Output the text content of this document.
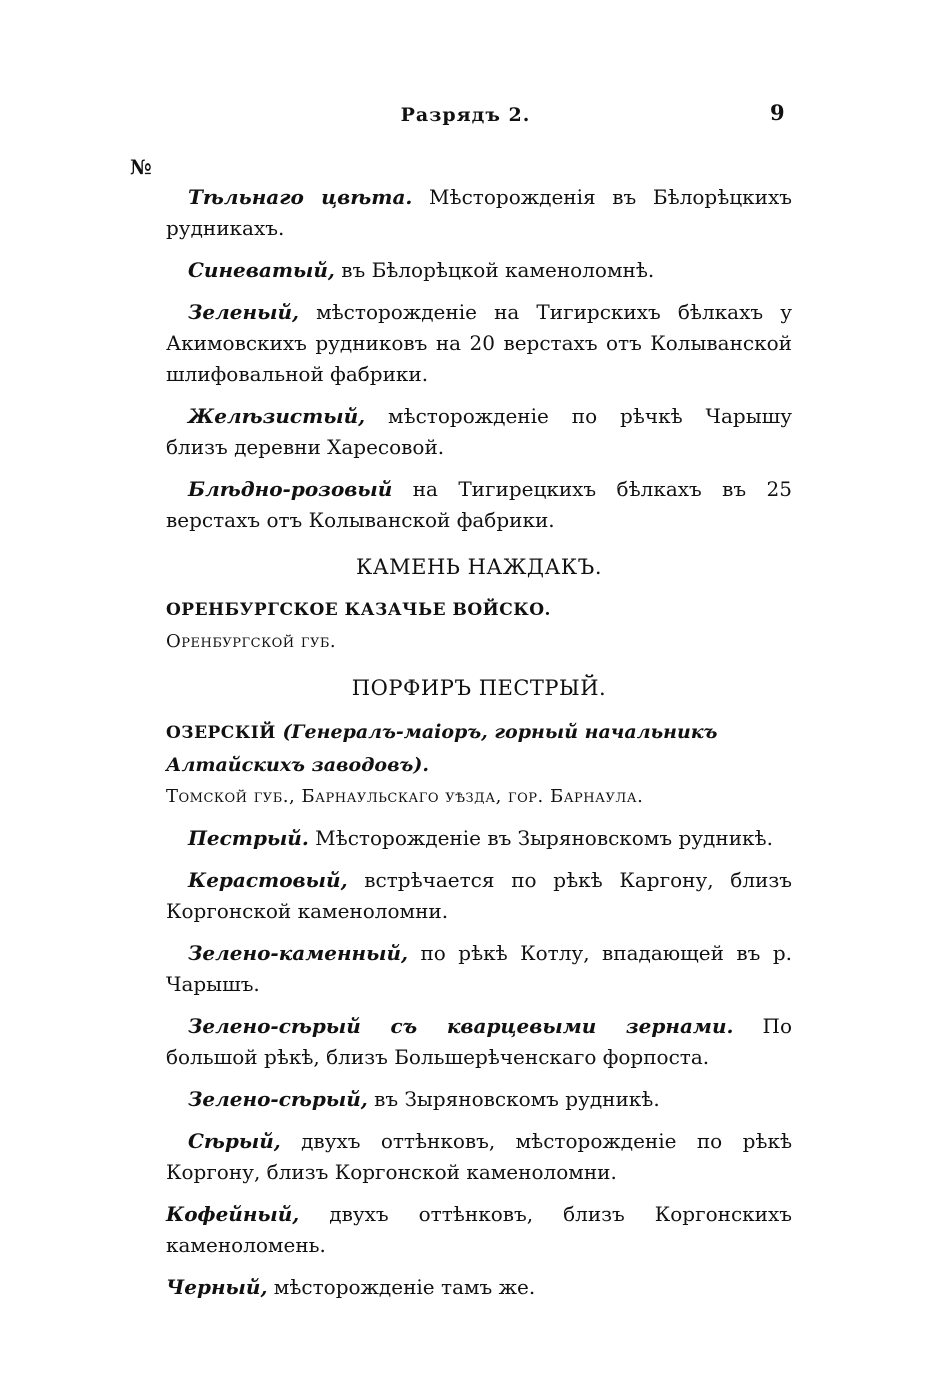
Разрядъ 2.	9
№

Тѣльнаго цвѣта. Мѣсторожденія въ Бѣлорѣцкихъ рудникахъ.

Синеватый, въ Бѣлорѣцкой каменоломнѣ.

Зеленый, мѣсторожденіе на Тигирскихъ бѣлкахъ у Акимовскихъ рудниковъ на 20 верстахъ отъ Колыванской шлифовальной фабрики.

Желѣзистый, мѣсторожденіе по рѣчкѣ Чарышу близъ деревни Харесовой.

Блѣдно-розовый на Тигирецкихъ бѣлкахъ въ 25 верстахъ отъ Колыванской фабрики.

КАМЕНЬ НАЖДАКЪ.
ОРЕНБУРГСКОЕ КАЗАЧЬЕ ВОЙСКО.
Оренбургской губ.
ПОРФИРЪ ПЕСТРЫЙ.
ОЗЕРСКІЙ (Генералъ-маіоръ, горный начальникъ Алтайскихъ заводовъ).
Томской губ., Барнаульскаго уѣзда, гор. Барнаула.

Пестрый. Мѣсторожденіе въ Зыряновскомъ рудникѣ.

Керастовый, встрѣчается по рѣкѣ Каргону, близъ Коргонской каменоломни.

Зелено-каменный, по рѣкѣ Котлу, впадающей въ р. Чарышъ.

Зелено-сѣрый съ кварцевыми зернами. По большой рѣкѣ, близъ Большерѣченскаго форпоста.

Зелено-сѣрый, въ Зыряновскомъ рудникѣ.

Сѣрый, двухъ оттѣнковъ, мѣсторожденіе по рѣкѣ Коргону, близъ Коргонской каменоломни.

Кофейный, двухъ оттѣнковъ, близъ Коргонскихъ каменоломень.

Черный, мѣсторожденіе тамъ же.
